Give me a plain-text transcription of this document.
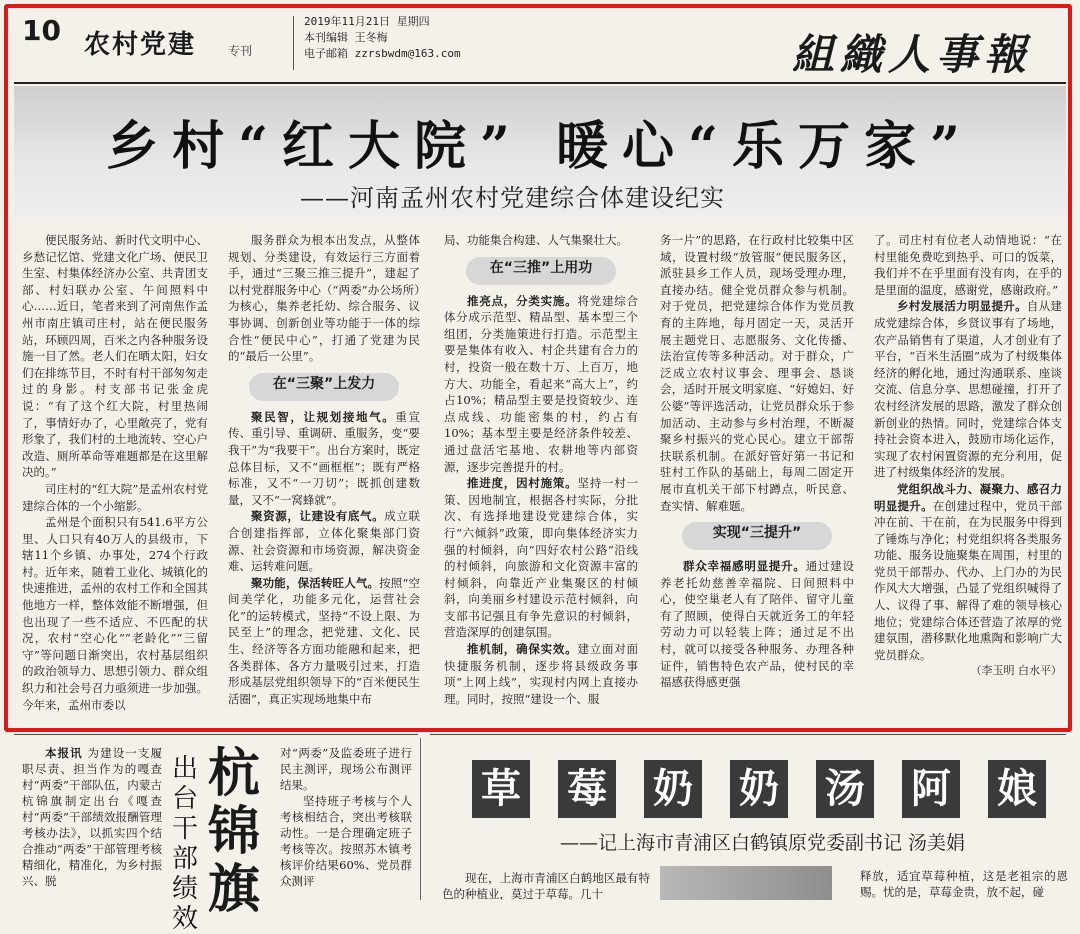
10 农村党建	专刊
2019年11月21日 星期四
本刊编辑 王冬梅
电子邮箱 zzrsbwdm@163.com	組織人事報
乡村“红大院” 暖心“乐万家”
——河南孟州农村党建综合体建设纪实

便民服务站、新时代文明中心、乡愁记忆馆、党建文化广场、便民卫生室、村集体经济办公室、共青团支部、村妇联办公室、午间照料中心……近日，笔者来到了河南焦作孟州市南庄镇司庄村，站在便民服务站，环顾四周，百米之内各种服务设施一目了然。老人们在晒太阳，妇女们在排练节目，不时有村干部匆匆走过的身影。村支部书记张金虎说：“有了这个红大院，村里热闹了，事情好办了，心里敞亮了，党有形象了，我们村的土地流转、空心户改造、厕所革命等难题都是在这里解决的。”

司庄村的“红大院”是孟州农村党建综合体的一个小缩影。

孟州是个面积只有541.6平方公里、人口只有40万人的县级市，下辖11个乡镇、办事处，274个行政村。近年来，随着工业化、城镇化的快速推进，孟州的农村工作和全国其他地方一样，整体效能不断增强，但也出现了一些不适应、不匹配的状况，农村“空心化”“老龄化”“三留守”等问题日渐突出，农村基层组织的政治领导力、思想引领力、群众组织力和社会号召力亟须进一步加强。今年来，孟州市委以

服务群众为根本出发点，从整体规划、分类建设，有效运行三方面着手，通过“三聚三推三提升”，建起了以村党群服务中心（“两委”办公场所）为核心，集养老托幼、综合服务、议事协调、创新创业等功能于一体的综合性“便民中心”，打通了党建为民的“最后一公里”。

在“三聚”上发力

聚民智，让规划接地气。重宣传、重引导、重调研、重服务，变“要我干”为“我要干”。出台方案时，既定总体目标，又不“画框框”；既有严格标准，又不“一刀切”；既抓创建数量，又不“一窝蜂就”。

聚资源，让建设有底气。成立联合创建指挥部，立体化聚集部门资源、社会资源和市场资源，解决资金难、运转难问题。

聚功能，保活转旺人气。按照“空间美学化，功能多元化，运营社会化”的运转模式，坚持“不设上限、为民至上”的理念，把党建、文化、民生、经济等各方面功能融和起来，把各类群体、各方力量吸引过来，打造形成基层党组织领导下的“百米便民生活圈”，真正实现场地集中布

局、功能集合构建、人气集聚壮大。

在“三推”上用功

推亮点，分类实施。将党建综合体分成示范型、精品型、基本型三个组团，分类施策进行打造。示范型主要是集体有收入、村企共建有合力的村，投资一般在数十万、上百万，地方大、功能全，看起来“高大上”，约占10%；精品型主要是投资较少、连点成线、功能密集的村，约占有10%；基本型主要是经济条件较差、通过盘活宅基地、农耕地等内部资源，逐步完善提升的村。

推进度，因村施策。坚持一村一策、因地制宜，根据各村实际，分批次、有选择地建设党建综合体，实行“六倾斜”政策，即向集体经济实力强的村倾斜，向“四好农村公路”沿线的村倾斜，向旅游和文化资源丰富的村倾斜，向靠近产业集聚区的村倾斜，向美丽乡村建设示范村倾斜，向支部书记强且有争先意识的村倾斜，营造深厚的创建氛围。

推机制，确保实效。建立面对面快捷服务机制，逐步将县级政务事项“上网上线”，实现村内网上直接办理。同时，按照“建设一个、服

务一片”的思路，在行政村比较集中区域，设置村级“放管服”便民服务区，派驻县乡工作人员，现场受理办理，直接办结。健全党员群众参与机制。对于党员，把党建综合体作为党员教育的主阵地，每月固定一天，灵活开展主题党日、志愿服务、文化传播、法治宣传等多种活动。对于群众，广泛成立农村议事会、理事会、恳谈会，适时开展文明家庭、“好媳妇、好公婆”等评选活动，让党员群众乐于参加活动、主动参与乡村治理，不断凝聚乡村振兴的党心民心。建立干部帮扶联系机制。在派好管好第一书记和驻村工作队的基础上，每周二固定开展市直机关干部下村蹲点，听民意、查实情、解难题。

实现“三提升”

群众幸福感明显提升。通过建设养老托幼慈善幸福院、日间照料中心，使空巢老人有了陪伴、留守儿童有了照顾，使得白天就近务工的年轻劳动力可以轻装上阵；通过足不出村，就可以接受各种服务、办理各种证件，销售特色农产品，使村民的幸福感获得感更强

了。司庄村有位老人动情地说：“在村里能免费吃到热乎、可口的饭菜，我们并不在乎里面有没有肉，在乎的是里面的温度，感谢党，感谢政府。”

乡村发展活力明显提升。自从建成党建综合体，乡贤议事有了场地，农产品销售有了渠道，人才创业有了平台，“百米生活圈”成为了村级集体经济的孵化地，通过沟通联系、座谈交流、信息分享、思想碰撞，打开了农村经济发展的思路，激发了群众创新创业的热情。同时，党建综合体支持社会资本进入，鼓励市场化运作，实现了农村闲置资源的充分利用，促进了村级集体经济的发展。

党组织战斗力、凝聚力、感召力明显提升。在创建过程中，党员干部冲在前、干在前，在为民服务中得到了锤炼与净化；村党组织将各类服务功能、服务设施聚集在周围，村里的党员干部帮办、代办、上门办的为民作风大大增强，凸显了党组织喊得了人、议得了事、解得了难的领导核心地位；党建综合体还营造了浓厚的党建氛围，潜移默化地熏陶和影响广大党员群众。

（李玉明 白水平）

本报讯 为建设一支履职尽责、担当作为的嘎查村“两委”干部队伍，内蒙古杭锦旗制定出台《嘎查村“两委”干部绩效报酬管理考核办法》，以抓实四个结合推动“两委”干部管理考核精细化，精准化，为乡村振兴、脱

出台干部绩效
杭锦旗

对“两委”及监委班子进行民主测评，现场公布测评结果。

坚持班子考核与个人考核相结合，突出考核联动性。一是合理确定班子考核等次。按照苏木镇考核评价结果60%、党员群众测评

草 莓 奶 奶 汤 阿 娘
——记上海市青浦区白鹤镇原党委副书记 汤美娟

现在，上海市青浦区白鹤地区最有特色的种植业，莫过于草莓。几十

释放，适宜草莓种植，这是老祖宗的恩赐。忧的是，草莓金贵，放不起，碰
